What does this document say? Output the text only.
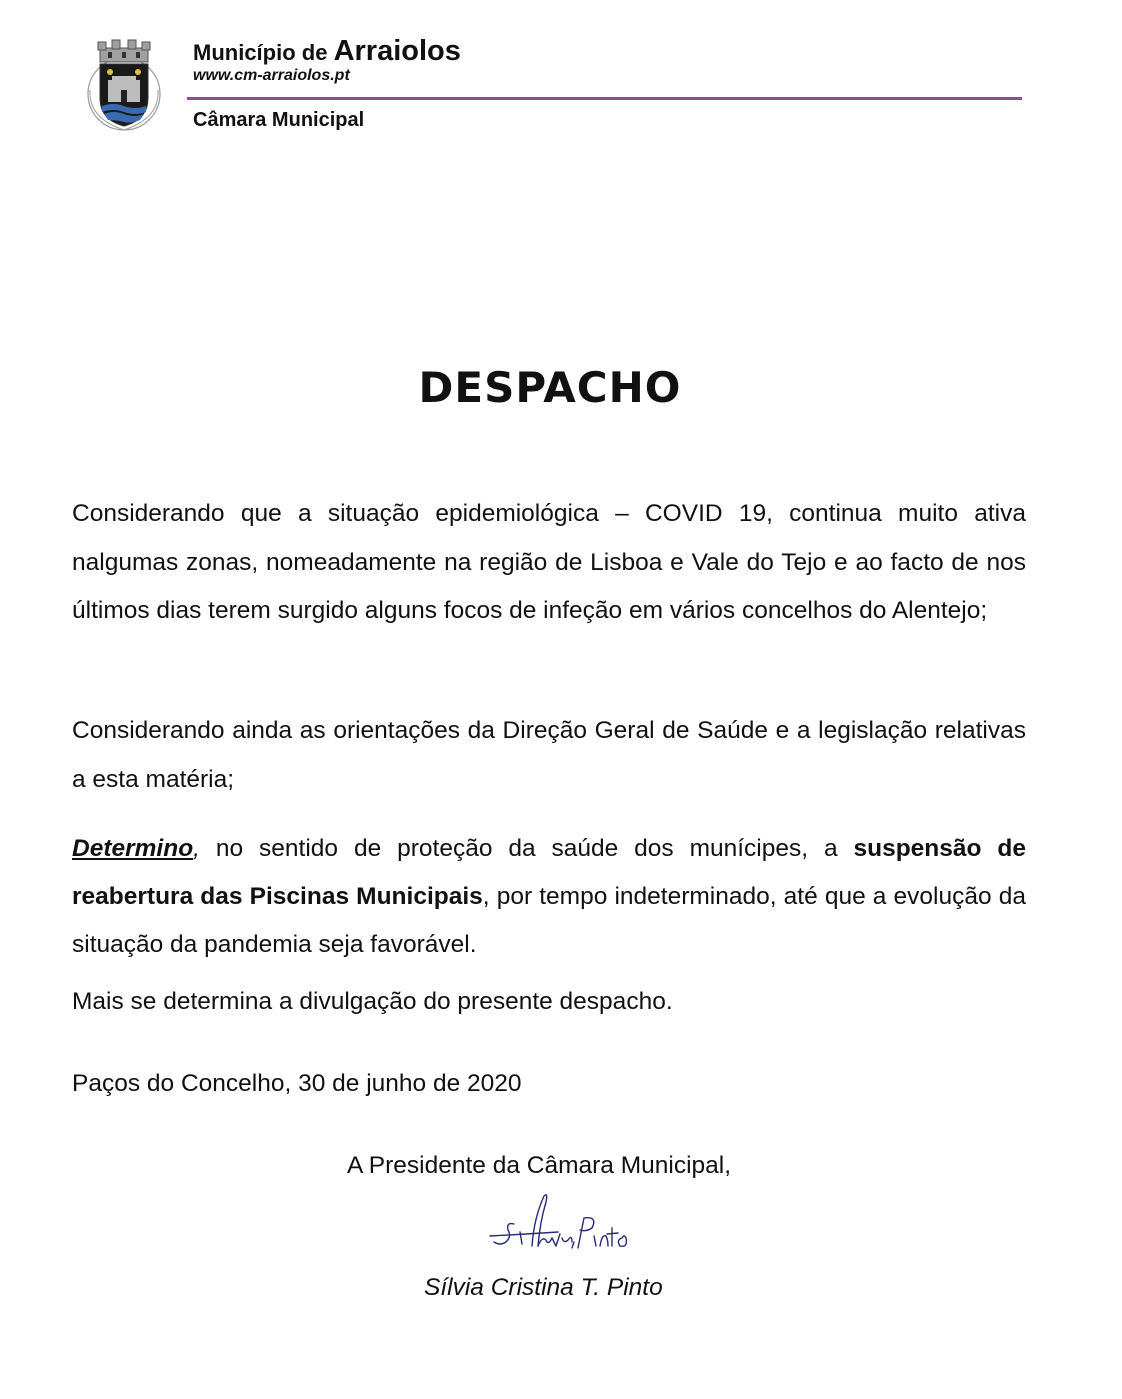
Município de Arraiolos
www.cm-arraiolos.pt
Câmara Municipal
DESPACHO

Considerando que a situação epidemiológica – COVID 19, continua muito ativa nalgumas zonas, nomeadamente na região de Lisboa e Vale do Tejo e ao facto de nos últimos dias terem surgido alguns focos de infeção em vários concelhos do Alentejo;

Considerando ainda as orientações da Direção Geral de Saúde e a legislação relativas a esta matéria;

Determino, no sentido de proteção da saúde dos munícipes, a suspensão de reabertura das Piscinas Municipais, por tempo indeterminado, até que a evolução da situação da pandemia seja favorável.

Mais se determina a divulgação do presente despacho.

Paços do Concelho, 30 de junho de 2020
A Presidente da Câmara Municipal,
Sílvia Cristina T. Pinto
